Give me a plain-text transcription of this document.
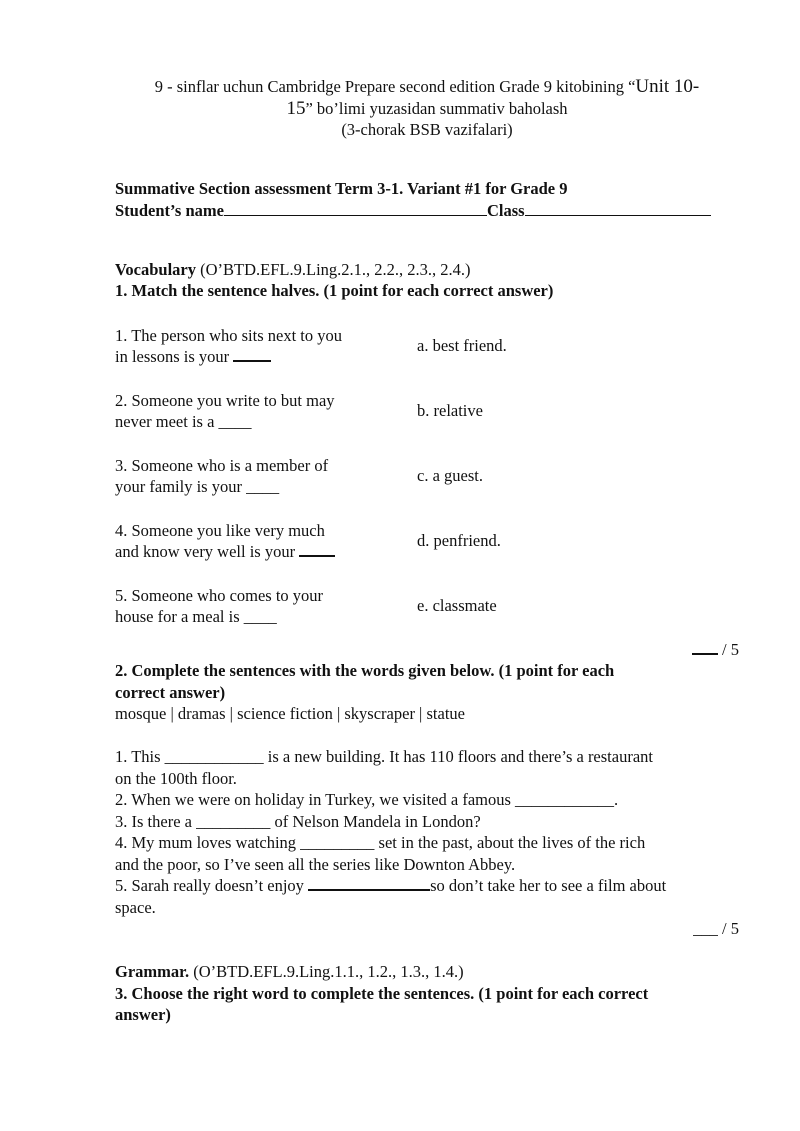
9 - sinflar uchun Cambridge Prepare second edition Grade 9 kitobining “Unit 10-

15” bo’limi yuzasidan summativ baholash

(3-chorak BSB vazifalari)

Summative Section assessment Term 3-1. Variant #1 for Grade 9

Student’s name	Class

Vocabulary (O’BTD.EFL.9.Ling.2.1., 2.2., 2.3., 2.4.)

1. Match the sentence halves. (1 point for each correct answer)

1. The person who sits next to you
in lessons is your	a. best friend.
2. Someone you write to but may
never meet is a ____	b. relative
3. Someone who is a member of
your family is your ____	c. a guest.
4. Someone you like very much
and know very well is your	d. penfriend.
5. Someone who comes to your
house for a meal is ____	e. classmate

/ 5

2. Complete the sentences with the words given below. (1 point for each

correct answer)

mosque | dramas | science fiction | skyscraper | statue

1. This ____________ is a new building. It has 110 floors and there’s a restaurant

on the 100th floor.

2. When we were on holiday in Turkey, we visited a famous ____________.

3. Is there a _________ of Nelson Mandela in London?

4. My mum loves watching _________ set in the past, about the lives of the rich

and the poor, so I’ve seen all the series like Downton Abbey.

5. Sarah really doesn’t enjoy	so don’t take her to see a film about

space.

___ / 5

Grammar. (O’BTD.EFL.9.Ling.1.1., 1.2., 1.3., 1.4.)

3. Choose the right word to complete the sentences. (1 point for each correct

answer)
